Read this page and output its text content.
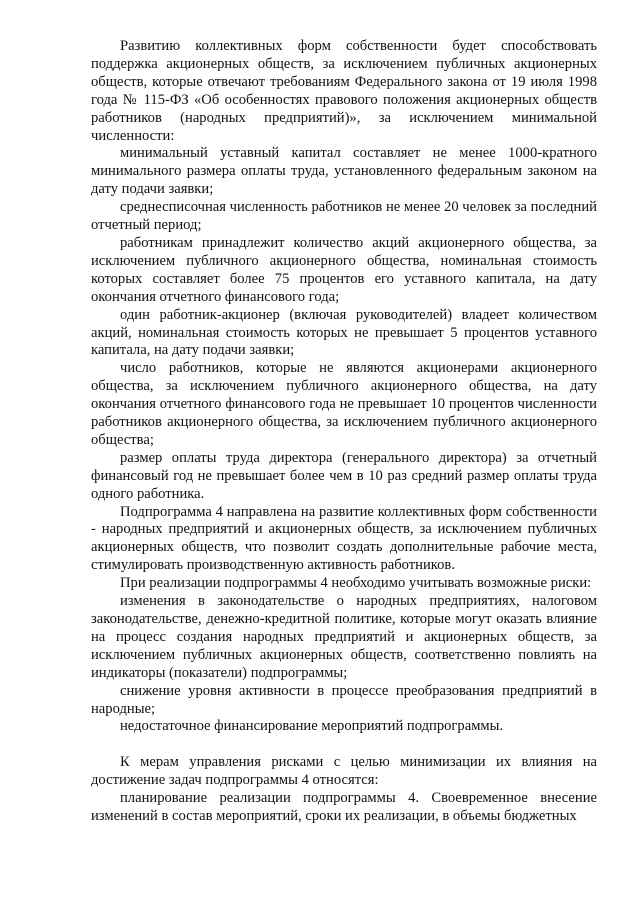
Развитию коллективных форм собственности будет способствовать поддержка акционерных обществ, за исключением публичных акционерных обществ, которые отвечают требованиям Федерального закона от 19 июля 1998 года № 115-ФЗ «Об особенностях правового положения акционерных обществ работников (народных предприятий)», за исключением минимальной численности:

минимальный уставный капитал составляет не менее 1000-кратного минимального размера оплаты труда, установленного федеральным законом на дату подачи заявки;

среднесписочная численность работников не менее 20 человек за последний отчетный период;

работникам принадлежит количество акций акционерного общества, за исключением публичного акционерного общества, номинальная стоимость которых составляет более 75 процентов его уставного капитала, на дату окончания отчетного финансового года;

один работник-акционер (включая руководителей) владеет количеством акций, номинальная стоимость которых не превышает 5 процентов уставного капитала, на дату подачи заявки;

число работников, которые не являются акционерами акционерного общества, за исключением публичного акционерного общества, на дату окончания отчетного финансового года не превышает 10 процентов численности работников акционерного общества, за исключением публичного акционерного общества;

размер оплаты труда директора (генерального директора) за отчетный финансовый год не превышает более чем в 10 раз средний размер оплаты труда одного работника.

Подпрограмма 4 направлена на развитие коллективных форм собственности - народных предприятий и акционерных обществ, за исключением публичных акционерных обществ, что позволит создать дополнительные рабочие места, стимулировать производственную активность работников.

При реализации подпрограммы 4 необходимо учитывать возможные риски:

изменения в законодательстве о народных предприятиях, налоговом законодательстве, денежно-кредитной политике, которые могут оказать влияние на процесс создания народных предприятий и акционерных обществ, за исключением публичных акционерных обществ, соответственно повлиять на индикаторы (показатели) подпрограммы;

снижение уровня активности в процессе преобразования предприятий в народные;

недостаточное финансирование мероприятий подпрограммы.

К мерам управления рисками с целью минимизации их влияния на достижение задач подпрограммы 4 относятся:

планирование реализации подпрограммы 4. Своевременное внесение изменений в состав мероприятий, сроки их реализации, в объемы бюджетных
